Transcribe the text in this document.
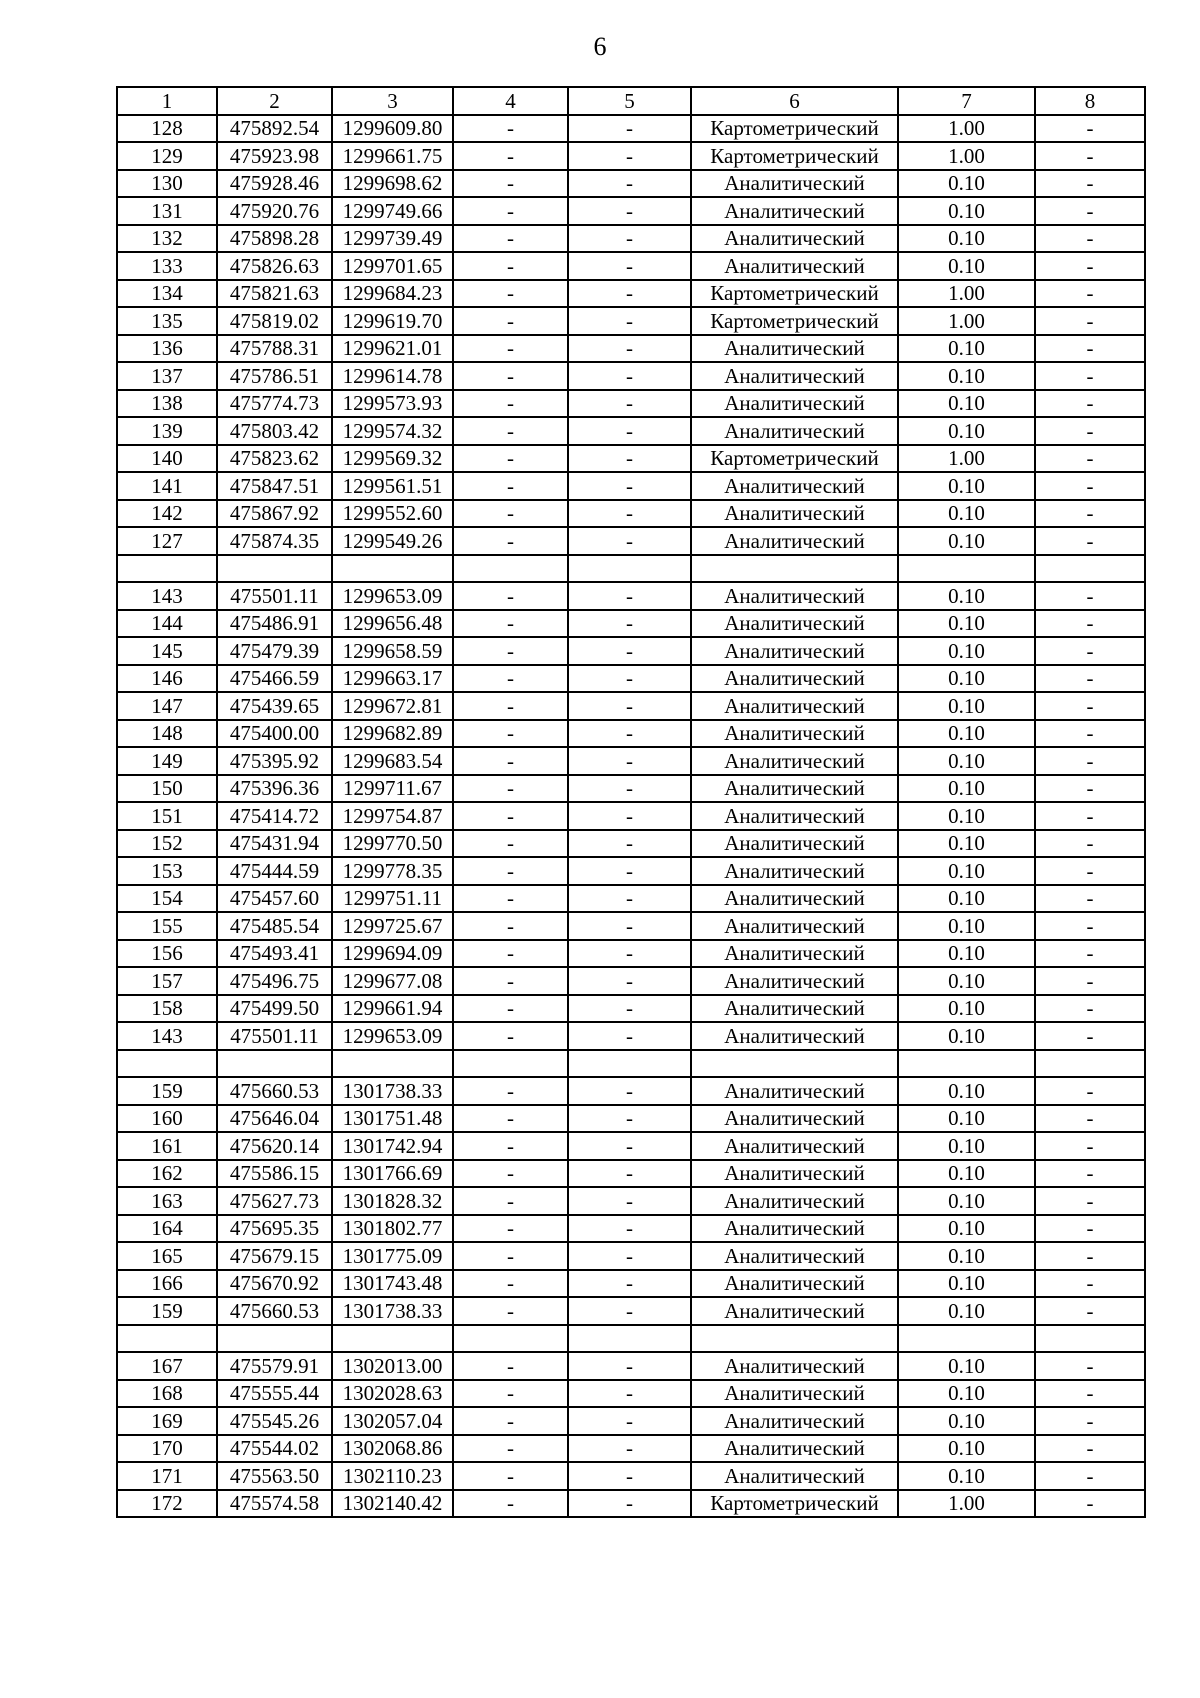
6
1	2	3	4	5	6	7	8
128	475892.54	1299609.80	-	-	Картометрический	1.00	-
129	475923.98	1299661.75	-	-	Картометрический	1.00	-
130	475928.46	1299698.62	-	-	Аналитический	0.10	-
131	475920.76	1299749.66	-	-	Аналитический	0.10	-
132	475898.28	1299739.49	-	-	Аналитический	0.10	-
133	475826.63	1299701.65	-	-	Аналитический	0.10	-
134	475821.63	1299684.23	-	-	Картометрический	1.00	-
135	475819.02	1299619.70	-	-	Картометрический	1.00	-
136	475788.31	1299621.01	-	-	Аналитический	0.10	-
137	475786.51	1299614.78	-	-	Аналитический	0.10	-
138	475774.73	1299573.93	-	-	Аналитический	0.10	-
139	475803.42	1299574.32	-	-	Аналитический	0.10	-
140	475823.62	1299569.32	-	-	Картометрический	1.00	-
141	475847.51	1299561.51	-	-	Аналитический	0.10	-
142	475867.92	1299552.60	-	-	Аналитический	0.10	-
127	475874.35	1299549.26	-	-	Аналитический	0.10	-

143	475501.11	1299653.09	-	-	Аналитический	0.10	-
144	475486.91	1299656.48	-	-	Аналитический	0.10	-
145	475479.39	1299658.59	-	-	Аналитический	0.10	-
146	475466.59	1299663.17	-	-	Аналитический	0.10	-
147	475439.65	1299672.81	-	-	Аналитический	0.10	-
148	475400.00	1299682.89	-	-	Аналитический	0.10	-
149	475395.92	1299683.54	-	-	Аналитический	0.10	-
150	475396.36	1299711.67	-	-	Аналитический	0.10	-
151	475414.72	1299754.87	-	-	Аналитический	0.10	-
152	475431.94	1299770.50	-	-	Аналитический	0.10	-
153	475444.59	1299778.35	-	-	Аналитический	0.10	-
154	475457.60	1299751.11	-	-	Аналитический	0.10	-
155	475485.54	1299725.67	-	-	Аналитический	0.10	-
156	475493.41	1299694.09	-	-	Аналитический	0.10	-
157	475496.75	1299677.08	-	-	Аналитический	0.10	-
158	475499.50	1299661.94	-	-	Аналитический	0.10	-
143	475501.11	1299653.09	-	-	Аналитический	0.10	-

159	475660.53	1301738.33	-	-	Аналитический	0.10	-
160	475646.04	1301751.48	-	-	Аналитический	0.10	-
161	475620.14	1301742.94	-	-	Аналитический	0.10	-
162	475586.15	1301766.69	-	-	Аналитический	0.10	-
163	475627.73	1301828.32	-	-	Аналитический	0.10	-
164	475695.35	1301802.77	-	-	Аналитический	0.10	-
165	475679.15	1301775.09	-	-	Аналитический	0.10	-
166	475670.92	1301743.48	-	-	Аналитический	0.10	-
159	475660.53	1301738.33	-	-	Аналитический	0.10	-

167	475579.91	1302013.00	-	-	Аналитический	0.10	-
168	475555.44	1302028.63	-	-	Аналитический	0.10	-
169	475545.26	1302057.04	-	-	Аналитический	0.10	-
170	475544.02	1302068.86	-	-	Аналитический	0.10	-
171	475563.50	1302110.23	-	-	Аналитический	0.10	-
172	475574.58	1302140.42	-	-	Картометрический	1.00	-
